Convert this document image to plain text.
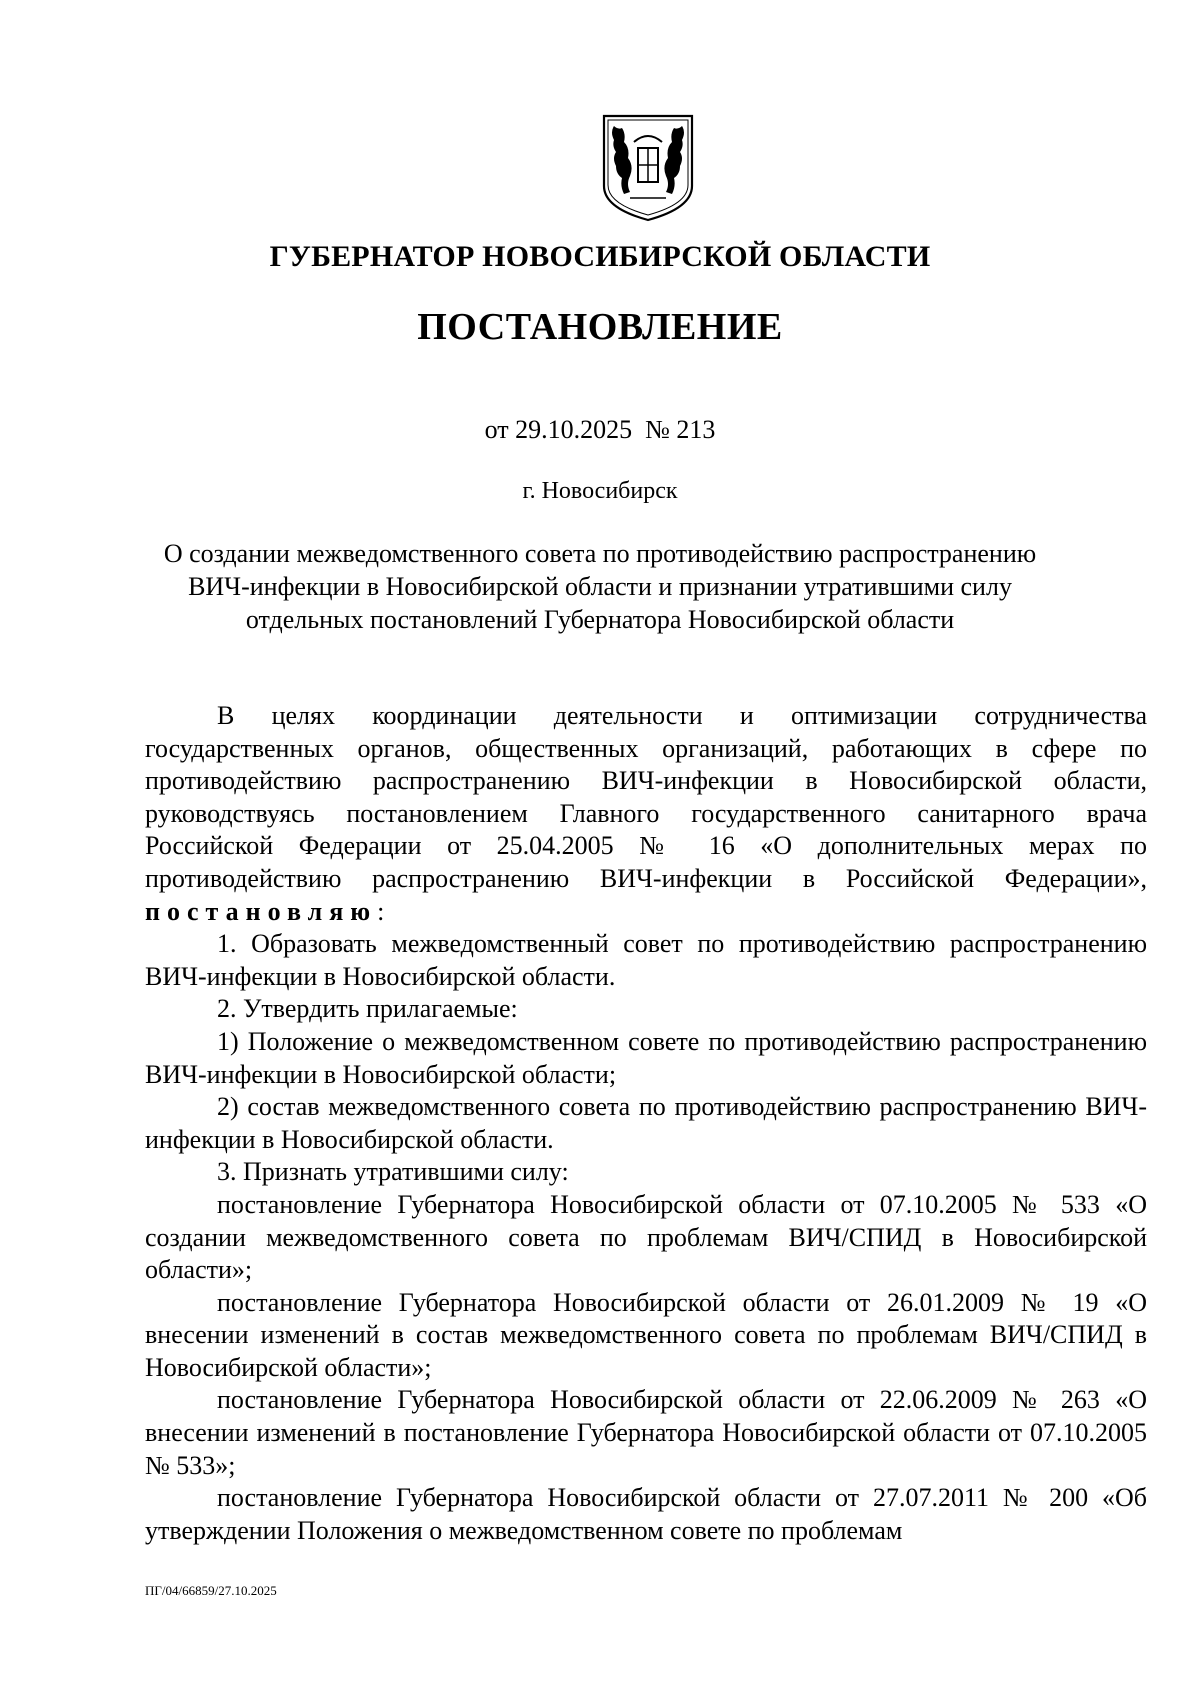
ГУБЕРНАТОР НОВОСИБИРСКОЙ ОБЛАСТИ
ПОСТАНОВЛЕНИЕ
от 29.10.2025  № 213
г. Новосибирск
О создании межведомственного совета по противодействию распространению
ВИЧ-инфекции в Новосибирской области и признании утратившими силу
отдельных постановлений Губернатора Новосибирской области

В целях координации деятельности и оптимизации сотрудничества государственных органов, общественных организаций, работающих в сфере по противодействию распространению ВИЧ-инфекции в Новосибирской области, руководствуясь постановлением Главного государственного санитарного врача Российской Федерации от 25.04.2005 № 16 «О дополнительных мерах по противодействию распространению ВИЧ-инфекции в Российской Федерации», постановляю:

1. Образовать межведомственный совет по противодействию распространению ВИЧ-инфекции в Новосибирской области.

2. Утвердить прилагаемые:

1) Положение о межведомственном совете по противодействию распространению ВИЧ-инфекции в Новосибирской области;

2) состав межведомственного совета по противодействию распространению ВИЧ-инфекции в Новосибирской области.

3. Признать утратившими силу:

постановление Губернатора Новосибирской области от 07.10.2005 № 533 «О создании межведомственного совета по проблемам ВИЧ/СПИД в Новосибирской области»;

постановление Губернатора Новосибирской области от 26.01.2009 № 19 «О внесении изменений в состав межведомственного совета по проблемам ВИЧ/СПИД в Новосибирской области»;

постановление Губернатора Новосибирской области от 22.06.2009 № 263 «О внесении изменений в постановление Губернатора Новосибирской области от 07.10.2005 № 533»;

постановление Губернатора Новосибирской области от 27.07.2011 № 200 «Об утверждении Положения о межведомственном совете по проблемам

ПГ/04/66859/27.10.2025
